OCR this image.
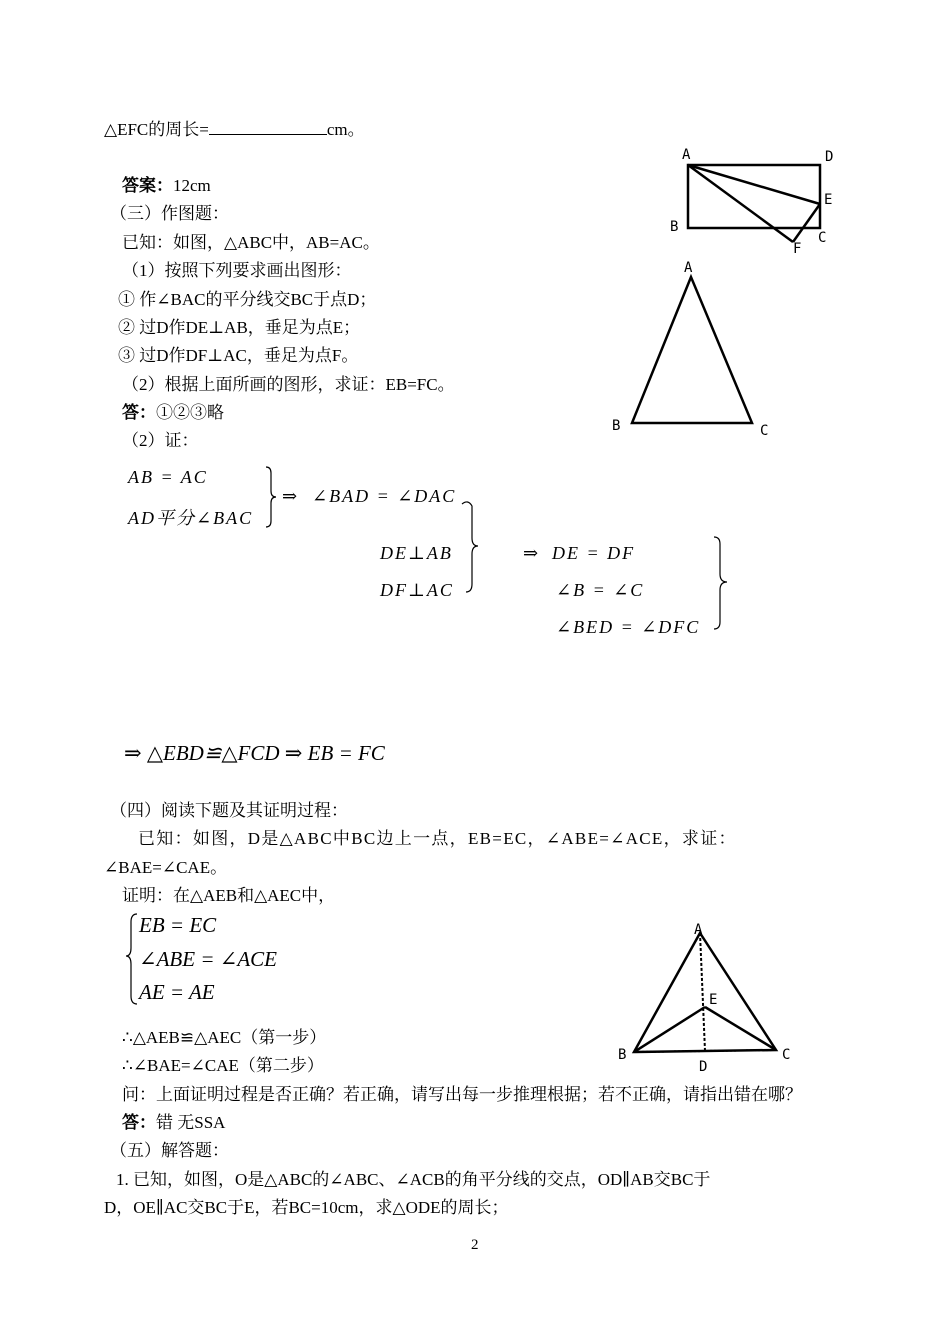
△EFC的周长=	cm。
答案：12cm
（三）作图题：
已知：如图，△ABC中，AB=AC。
（1）按照下列要求画出图形：
① 作∠BAC的平分线交BC于点D；
② 过D作DE⊥AB，垂足为点E；
③ 过D作DF⊥AC，垂足为点F。
（2）根据上面所画的图形，求证：EB=FC。
答：①②③略
（2）证：
AB = AC
AD平分∠BAC
⇒ ∠BAD = ∠DAC
DE⊥AB
DF⊥AC
⇒ DE = DF
∠B = ∠C
∠BED = ∠DFC
⇒ △EBD≌△FCD ⇒ EB = FC
（四）阅读下题及其证明过程：
已知：如图，D是△ABC中BC边上一点，EB=EC，∠ABE=∠ACE，求证：
∠BAE=∠CAE。
证明：在△AEB和△AEC中，
EB = EC
∠ABE = ∠ACE
AE = AE
∴△AEB≌△AEC（第一步）
∴∠BAE=∠CAE（第二步）
问：上面证明过程是否正确？若正确，请写出每一步推理根据；若不正确，请指出错在哪？
答：错 无SSA
（五）解答题：
1. 已知，如图，O是△ABC的∠ABC、∠ACB的角平分线的交点，OD∥AB交BC于
D，OE∥AC交BC于E，若BC=10cm，求△ODE的周长；
2
A	D
E
B
F
C
A
B	C
A
E
B
D
C
